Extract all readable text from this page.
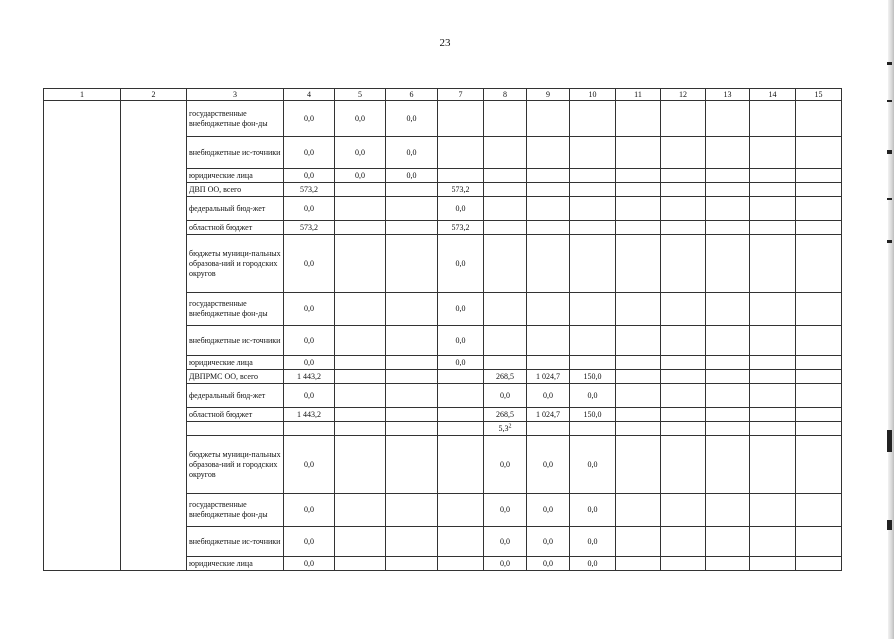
23
1	2	3	4	5	6	7	8	9	10	11	12	13	14	15
		государственные внебюджетные фон-ды	0,0	0,0	0,0									
		внебюджетные ис-точники	0,0	0,0	0,0									
		юридические лица	0,0	0,0	0,0									
		ДВП ОО, всего	573,2			573,2								
		федеральный бюд-жет	0,0			0,0								
		областной бюджет	573,2			573,2								
		бюджеты муници-пальных образова-ний и городских округов	0,0			0,0								
		государственные внебюджетные фон-ды	0,0			0,0								
		внебюджетные ис-точники	0,0			0,0								
		юридические лица	0,0			0,0								
		ДВПРМС ОО, всего	1 443,2				268,5	1 024,7	150,0					
		федеральный бюд-жет	0,0				0,0	0,0	0,0					
		областной бюджет	1 443,2				268,5	1 024,7	150,0					
							$5,3^2$							
		бюджеты муници-пальных образова-ний и городских округов	0,0				0,0	0,0	0,0					
		государственные внебюджетные фон-ды	0,0				0,0	0,0	0,0					
		внебюджетные ис-точники	0,0				0,0	0,0	0,0					
		юридические лица	0,0				0,0	0,0	0,0					
